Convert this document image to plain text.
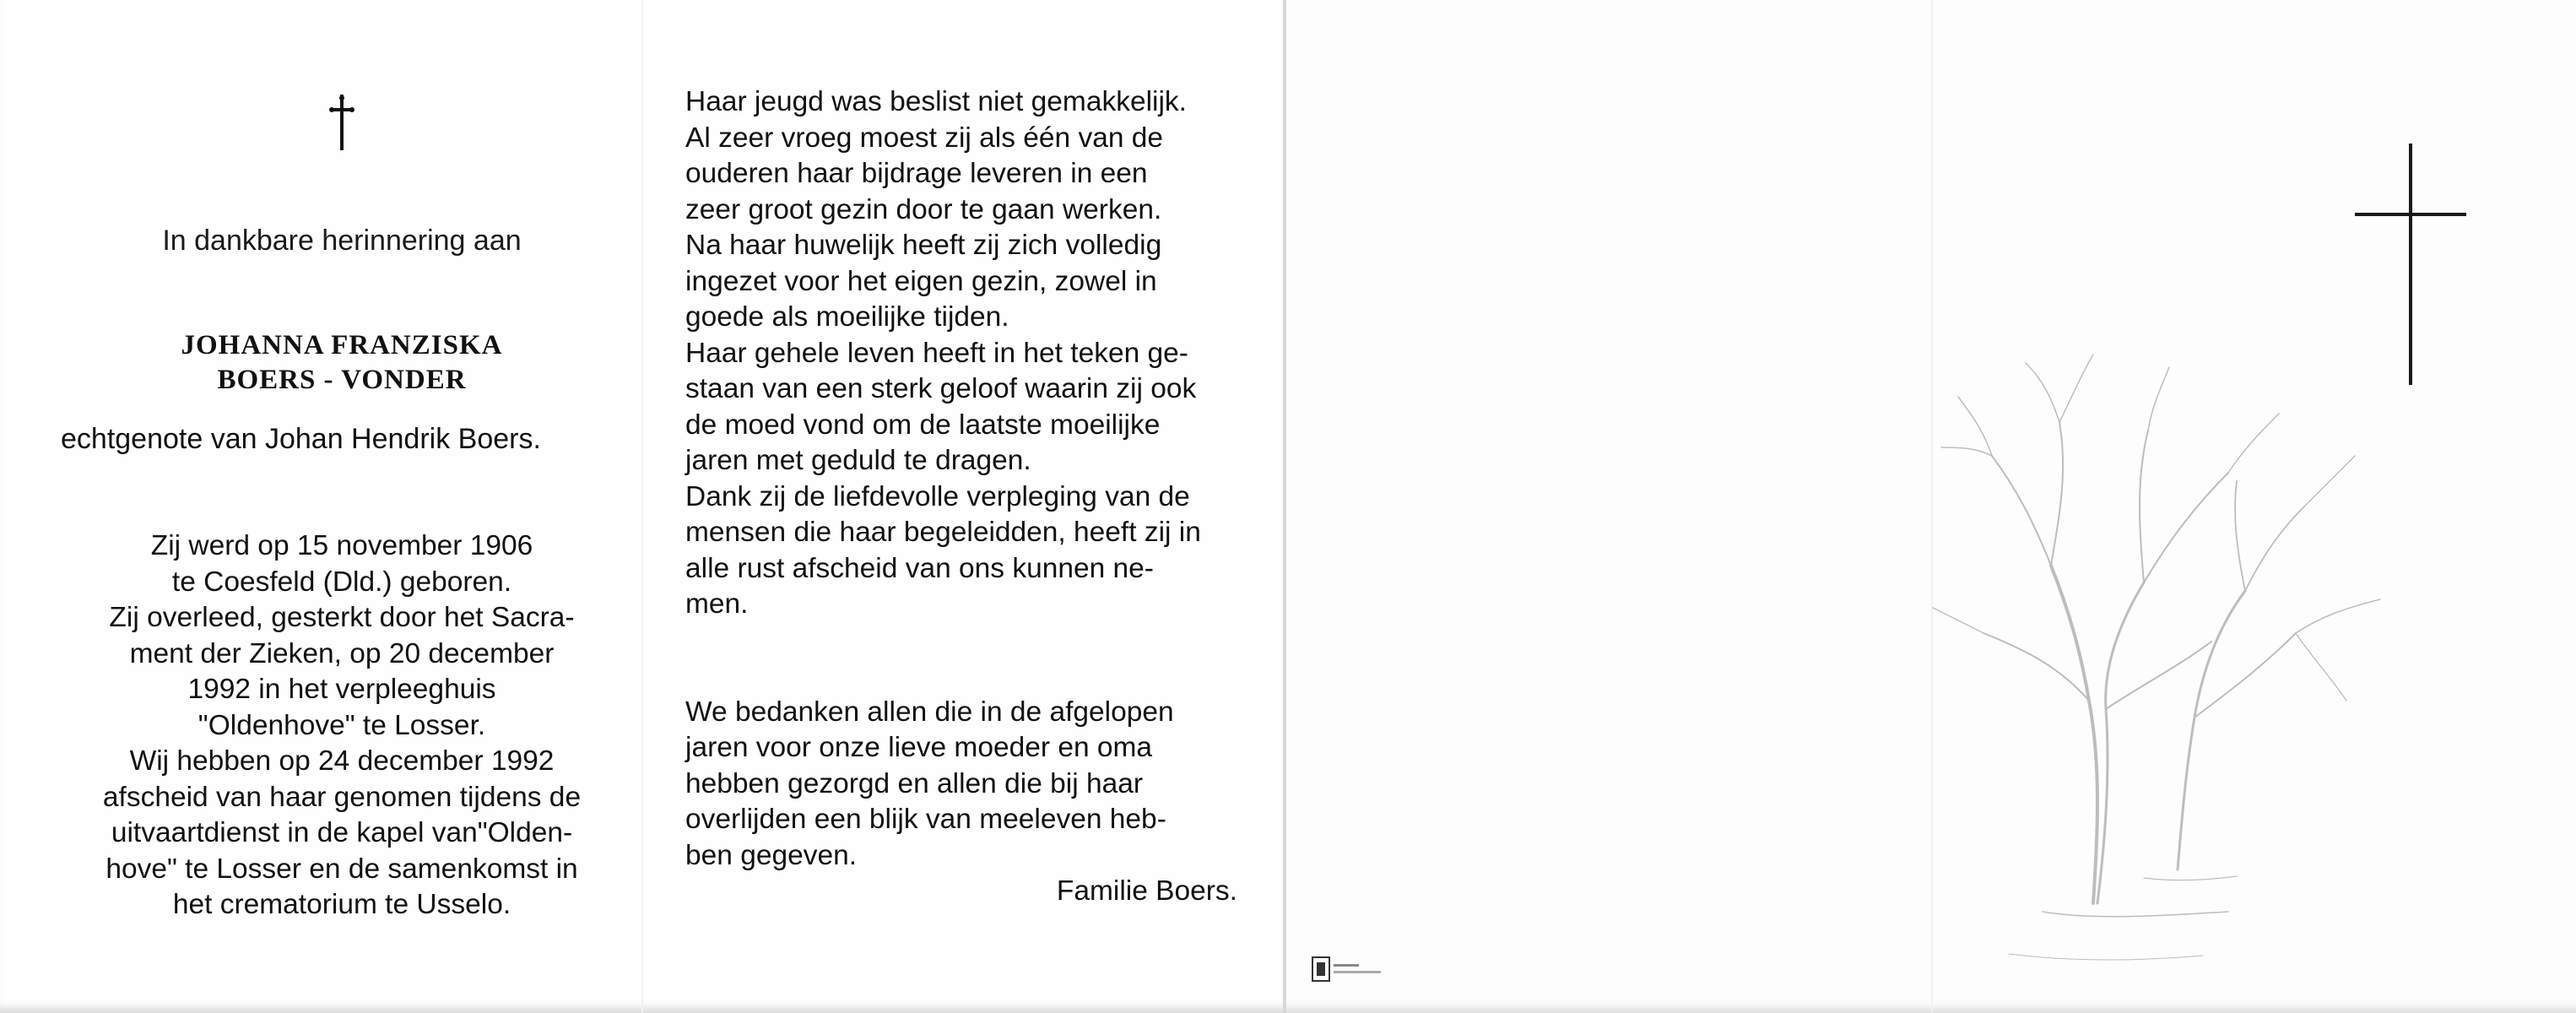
In dankbare herinnering aan
JOHANNA FRANZISKA
BOERS - VONDER
echtgenote van Johan Hendrik Boers.
Zij werd op 15 november 1906
te Coesfeld (Dld.) geboren.
Zij overleed, gesterkt door het Sacra-
ment der Zieken, op 20 december
1992 in het verpleeghuis
"Oldenhove" te Losser.
Wij hebben op 24 december 1992
afscheid van haar genomen tijdens de
uitvaartdienst in de kapel van"Olden-
hove" te Losser en de samenkomst in
het crematorium te Usselo.
Haar jeugd was beslist niet gemakkelijk.
Al zeer vroeg moest zij als één van de
ouderen haar bijdrage leveren in een
zeer groot gezin door te gaan werken.
Na haar huwelijk heeft zij zich volledig
ingezet voor het eigen gezin, zowel in
goede als moeilijke tijden.
Haar gehele leven heeft in het teken ge-
staan van een sterk geloof waarin zij ook
de moed vond om de laatste moeilijke
jaren met geduld te dragen.
Dank zij de liefdevolle verpleging van de
mensen die haar begeleidden, heeft zij in
alle rust afscheid van ons kunnen ne-
men.
We bedanken allen die in de afgelopen
jaren voor onze lieve moeder en oma
hebben gezorgd en allen die bij haar
overlijden een blijk van meeleven heb-
ben gegeven.
Familie Boers.
